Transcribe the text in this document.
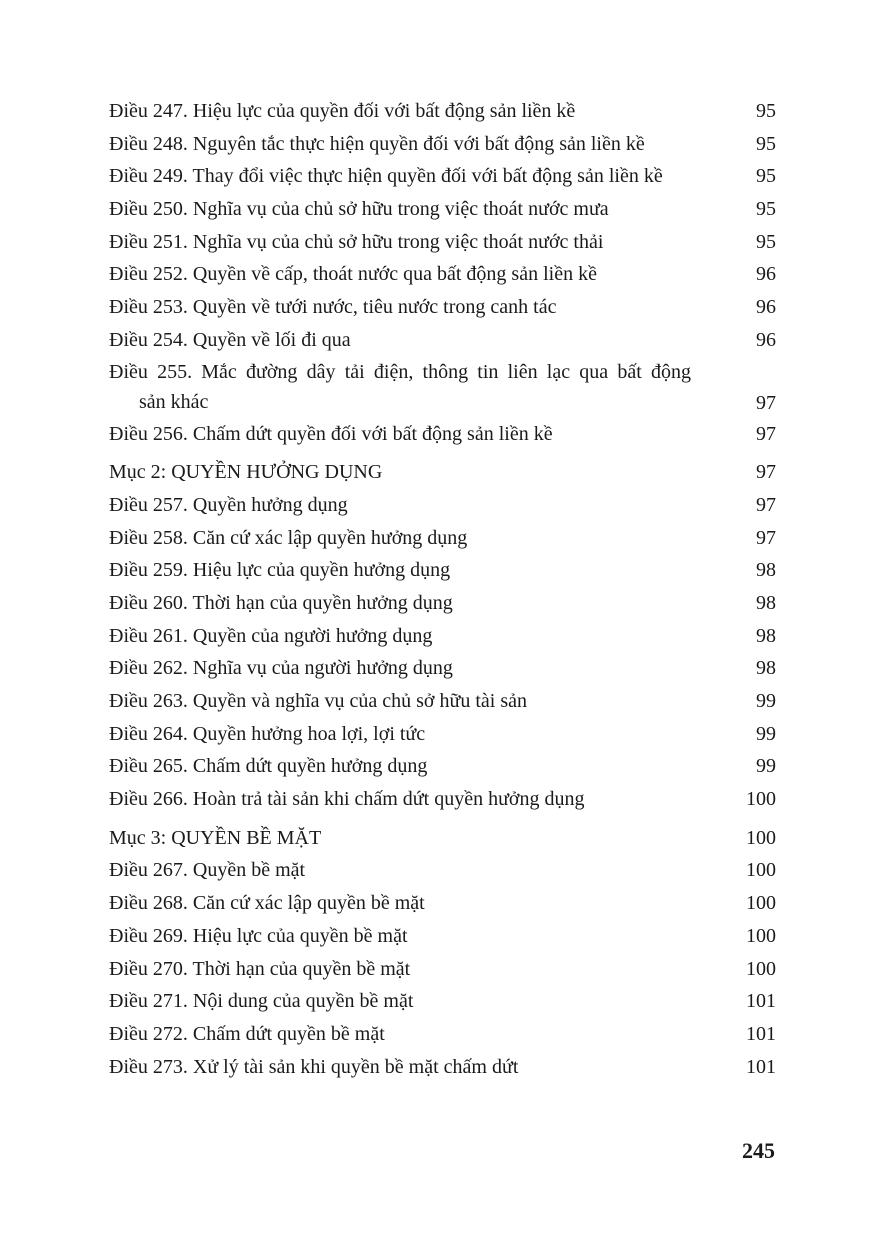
Điều 247. Hiệu lực của quyền đối với bất động sản liền kề	95
Điều 248. Nguyên tắc thực hiện quyền đối với bất động sản liền kề	95
Điều 249. Thay đổi việc thực hiện quyền đối với bất động sản liền kề	95
Điều 250. Nghĩa vụ của chủ sở hữu trong việc thoát nước mưa	95
Điều 251. Nghĩa vụ của chủ sở hữu trong việc thoát nước thải	95
Điều 252. Quyền về cấp, thoát nước qua bất động sản liền kề	96
Điều 253. Quyền về tưới nước, tiêu nước trong canh tác	96
Điều 254. Quyền về lối đi qua	96
Điều 255. Mắc đường dây tải điện, thông tin liên lạc qua bất động
sản khác	97
Điều 256. Chấm dứt quyền đối với bất động sản liền kề	97
Mục 2: QUYỀN HƯỞNG DỤNG	97
Điều 257. Quyền hưởng dụng	97
Điều 258. Căn cứ xác lập quyền hưởng dụng	97
Điều 259. Hiệu lực của quyền hưởng dụng	98
Điều 260. Thời hạn của quyền hưởng dụng	98
Điều 261. Quyền của người hưởng dụng	98
Điều 262. Nghĩa vụ của người hưởng dụng	98
Điều 263. Quyền và nghĩa vụ của chủ sở hữu tài sản	99
Điều 264. Quyền hưởng hoa lợi, lợi tức	99
Điều 265. Chấm dứt quyền hưởng dụng	99
Điều 266. Hoàn trả tài sản khi chấm dứt quyền hưởng dụng	100
Mục 3: QUYỀN BỀ MẶT	100
Điều 267. Quyền bề mặt	100
Điều 268. Căn cứ xác lập quyền bề mặt	100
Điều 269. Hiệu lực của quyền bề mặt	100
Điều 270. Thời hạn của quyền bề mặt	100
Điều 271. Nội dung của quyền bề mặt	101
Điều 272. Chấm dứt quyền bề mặt	101
Điều 273. Xử lý tài sản khi quyền bề mặt chấm dứt	101
245
